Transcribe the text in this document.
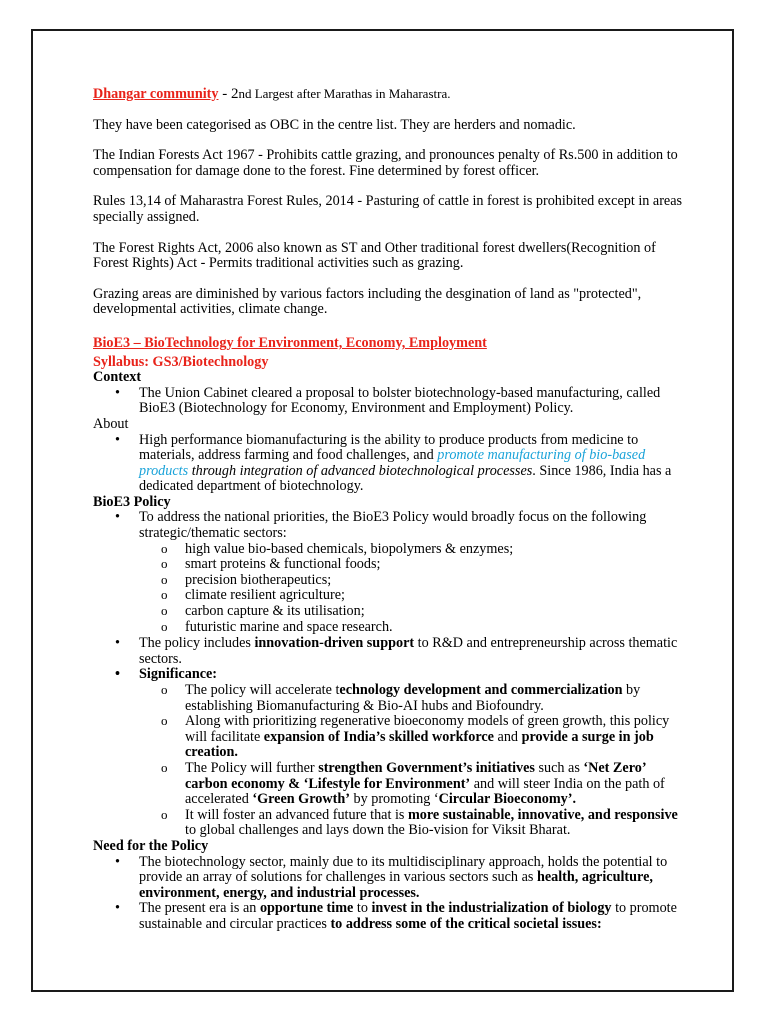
Dhangar community - 2nd Largest after Marathas in Maharastra.

They have been categorised as OBC in the centre list. They are herders and nomadic.

The Indian Forests Act 1967 - Prohibits cattle grazing, and pronounces penalty of Rs.500 in addition to compensation for damage done to the forest. Fine determined by forest officer.

Rules 13,14 of Maharastra Forest Rules, 2014 - Pasturing of cattle in forest is prohibited except in areas specially assigned.

The Forest Rights Act, 2006 also known as ST and Other traditional forest dwellers(Recognition of Forest Rights) Act - Permits traditional activities such as grazing.

Grazing areas are diminished by various factors including the desgination of land as "protected", developmental activities, climate change.

BioE3 – BioTechnology for Environment, Economy, Employment

Syllabus: GS3/Biotechnology

Context

• The Union Cabinet cleared a proposal to bolster biotechnology-based manufacturing, called BioE3 (Biotechnology for Economy, Environment and Employment) Policy.

About

• High performance biomanufacturing is the ability to produce products from medicine to materials, address farming and food challenges, and promote manufacturing of bio-based products through integration of advanced biotechnological processes. Since 1986, India has a dedicated department of biotechnology.

BioE3 Policy

• To address the national priorities, the BioE3 Policy would broadly focus on the following strategic/thematic sectors:
o high value bio-based chemicals, biopolymers & enzymes;
o smart proteins & functional foods;
o precision biotherapeutics;
o climate resilient agriculture;
o carbon capture & its utilisation;
o futuristic marine and space research.
• The policy includes innovation-driven support to R&D and entrepreneurship across thematic sectors.
• Significance:
o The policy will accelerate technology development and commercialization by establishing Biomanufacturing & Bio-AI hubs and Biofoundry.
o Along with prioritizing regenerative bioeconomy models of green growth, this policy will facilitate expansion of India’s skilled workforce and provide a surge in job creation.
o The Policy will further strengthen Government’s initiatives such as ‘Net Zero’ carbon economy & ‘Lifestyle for Environment’ and will steer India on the path of accelerated ‘Green Growth’ by promoting ‘Circular Bioeconomy’.
o It will foster an advanced future that is more sustainable, innovative, and responsive to global challenges and lays down the Bio-vision for Viksit Bharat.

Need for the Policy

• The biotechnology sector, mainly due to its multidisciplinary approach, holds the potential to provide an array of solutions for challenges in various sectors such as health, agriculture, environment, energy, and industrial processes.
• The present era is an opportune time to invest in the industrialization of biology to promote sustainable and circular practices to address some of the critical societal issues:
